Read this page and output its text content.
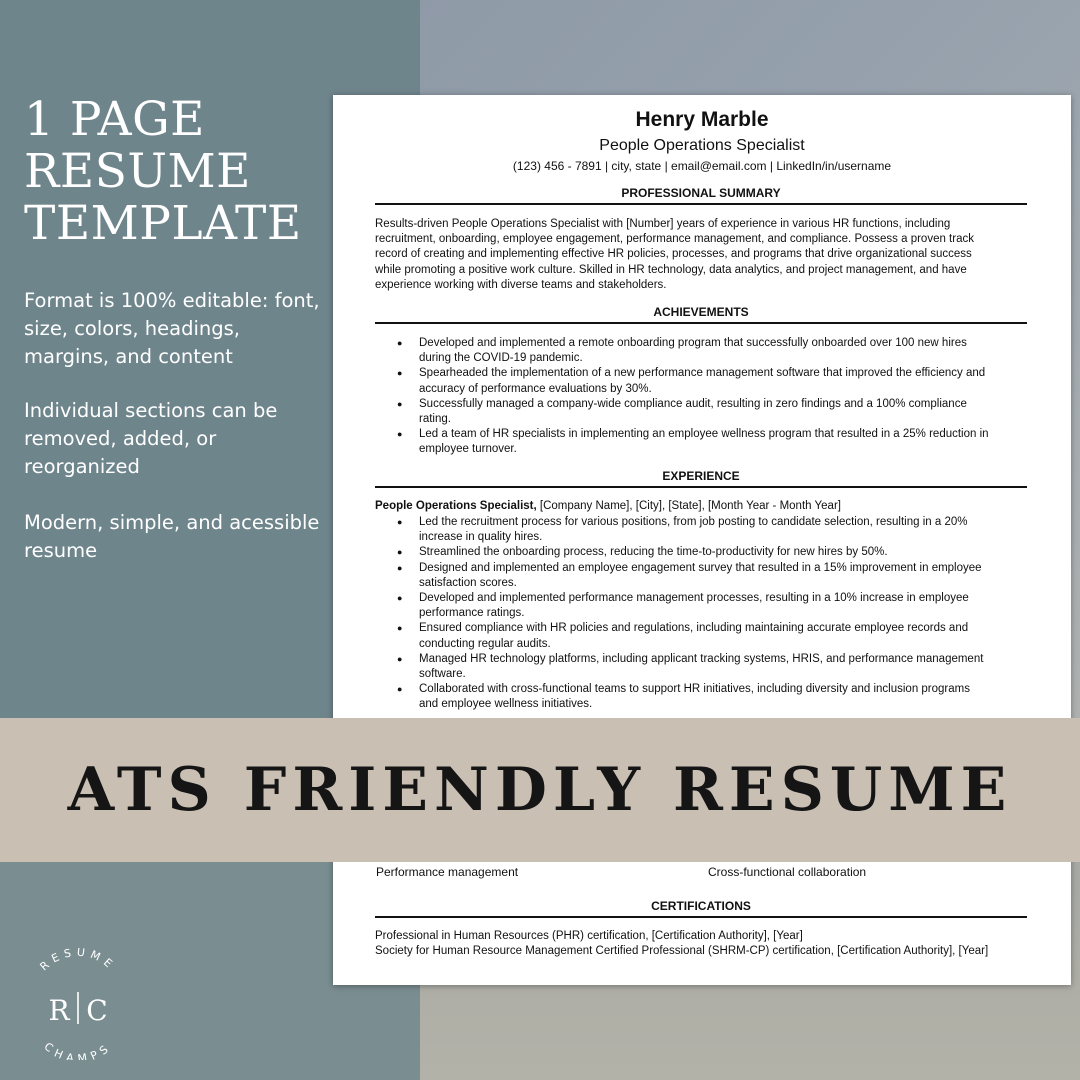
1 PAGE
RESUME
TEMPLATE
Format is 100% editable: font, size, colors, headings, margins, and content
Individual sections can be removed, added, or reorganized
Modern, simple, and acessible resume
RESUME
CHAMPS
R C
Henry Marble
People Operations Specialist
(123) 456 - 7891 | city, state | email@email.com | LinkedIn/in/username
PROFESSIONAL SUMMARY
Results-driven People Operations Specialist with [Number] years of experience in various HR functions, including
recruitment, onboarding, employee engagement, performance management, and compliance. Possess a proven track
record of creating and implementing effective HR policies, processes, and programs that drive organizational success
while promoting a positive work culture. Skilled in HR technology, data analytics, and project management, and have
experience working with diverse teams and stakeholders.
ACHIEVEMENTS
● Developed and implemented a remote onboarding program that successfully onboarded over 100 new hires
during the COVID-19 pandemic.
● Spearheaded the implementation of a new performance management software that improved the efficiency and
accuracy of performance evaluations by 30%.
● Successfully managed a company-wide compliance audit, resulting in zero findings and a 100% compliance
rating.
● Led a team of HR specialists in implementing an employee wellness program that resulted in a 25% reduction in
employee turnover.
EXPERIENCE
People Operations Specialist, [Company Name], [City], [State], [Month Year - Month Year]
● Led the recruitment process for various positions, from job posting to candidate selection, resulting in a 20%
increase in quality hires.
● Streamlined the onboarding process, reducing the time-to-productivity for new hires by 50%.
● Designed and implemented an employee engagement survey that resulted in a 15% improvement in employee
satisfaction scores.
● Developed and implemented performance management processes, resulting in a 10% increase in employee
performance ratings.
● Ensured compliance with HR policies and regulations, including maintaining accurate employee records and
conducting regular audits.
● Managed HR technology platforms, including applicant tracking systems, HRIS, and performance management
software.
● Collaborated with cross-functional teams to support HR initiatives, including diversity and inclusion programs
and employee wellness initiatives.
Performance management	Cross-functional collaboration
CERTIFICATIONS
Professional in Human Resources (PHR) certification, [Certification Authority], [Year]
Society for Human Resource Management Certified Professional (SHRM-CP) certification, [Certification Authority], [Year]
ATS FRIENDLY RESUME
